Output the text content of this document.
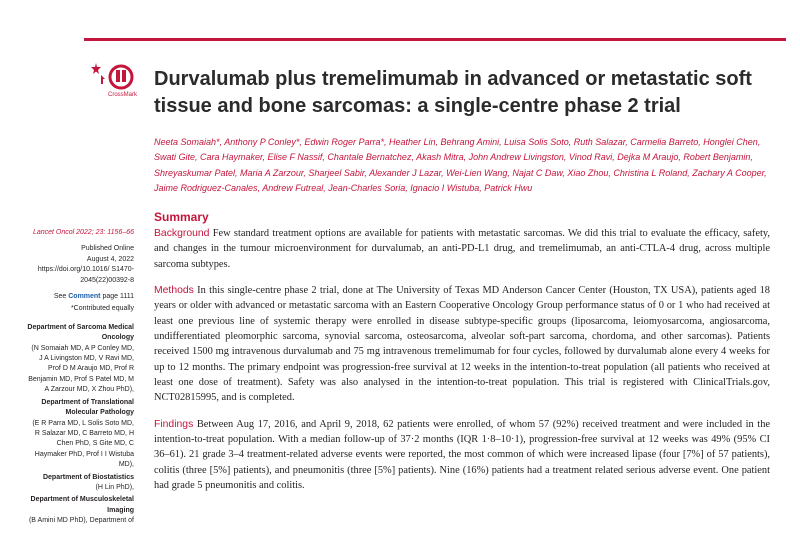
CrossMark
Durvalumab plus tremelimumab in advanced or metastatic soft tissue and bone sarcomas: a single-centre phase 2 trial
Neeta Somaiah*, Anthony P Conley*, Edwin Roger Parra*, Heather Lin, Behrang Amini, Luisa Solis Soto, Ruth Salazar, Carmelia Barreto, Honglei Chen, Swati Gite, Cara Haymaker, Elise F Nassif, Chantale Bernatchez, Akash Mitra, John Andrew Livingston, Vinod Ravi, Dejka M Araujo, Robert Benjamin, Shreyaskumar Patel, Maria A Zarzour, Sharjeel Sabir, Alexander J Lazar, Wei-Lien Wang, Najat C Daw, Xiao Zhou, Christina L Roland, Zachary A Cooper, Jaime Rodriguez-Canales, Andrew Futreal, Jean-Charles Soria, Ignacio I Wistuba, Patrick Hwu
Lancet Oncol 2022; 23: 1156–66
Published Online
August 4, 2022
https://doi.org/10.1016/ S1470-2045(22)00392-8
See Comment page 1111
*Contributed equally
Department of Sarcoma Medical Oncology
(N Somaiah MD, A P Conley MD, J A Livingston MD, V Ravi MD, Prof D M Araujo MD, Prof R Benjamin MD, Prof S Patel MD, M A Zarzour MD, X Zhou PhD),
Department of Translational Molecular Pathology
(E R Parra MD, L Solis Soto MD, R Salazar MD, C Barreto MD, H Chen PhD, S Gite MD, C Haymaker PhD, Prof I I Wistuba MD),
Department of Biostatistics
(H Lin PhD),
Department of Musculoskeletal Imaging
(B Amini MD PhD), Department of
Summary

Background Few standard treatment options are available for patients with metastatic sarcomas. We did this trial to evaluate the efficacy, safety, and changes in the tumour microenvironment for durvalumab, an anti-PD-L1 drug, and tremelimumab, an anti-CTLA-4 drug, across multiple sarcoma subtypes.

Methods In this single-centre phase 2 trial, done at The University of Texas MD Anderson Cancer Center (Houston, TX USA), patients aged 18 years or older with advanced or metastatic sarcoma with an Eastern Cooperative Oncology Group performance status of 0 or 1 who had received at least one previous line of systemic therapy were enrolled in disease subtype-specific groups (liposarcoma, leiomyosarcoma, angiosarcoma, undifferentiated pleomorphic sarcoma, synovial sarcoma, osteosarcoma, alveolar soft-part sarcoma, chordoma, and other sarcomas). Patients received 1500 mg intravenous durvalumab and 75 mg intravenous tremelimumab for four cycles, followed by durvalumab alone every 4 weeks for up to 12 months. The primary endpoint was progression-free survival at 12 weeks in the intention-to-treat population (all patients who received at least one dose of treatment). Safety was also analysed in the intention-to-treat population. This trial is registered with ClinicalTrials.gov, NCT02815995, and is completed.

Findings Between Aug 17, 2016, and April 9, 2018, 62 patients were enrolled, of whom 57 (92%) received treatment and were included in the intention-to-treat population. With a median follow-up of 37·2 months (IQR 1·8–10·1), progression-free survival at 12 weeks was 49% (95% CI 36–61). 21 grade 3–4 treatment-related adverse events were reported, the most common of which were increased lipase (four [7%] of 57 patients), colitis (three [5%] patients), and pneumonitis (three [5%] patients). Nine (16%) patients had a treatment related serious adverse event. One patient had grade 5 pneumonitis and colitis.
